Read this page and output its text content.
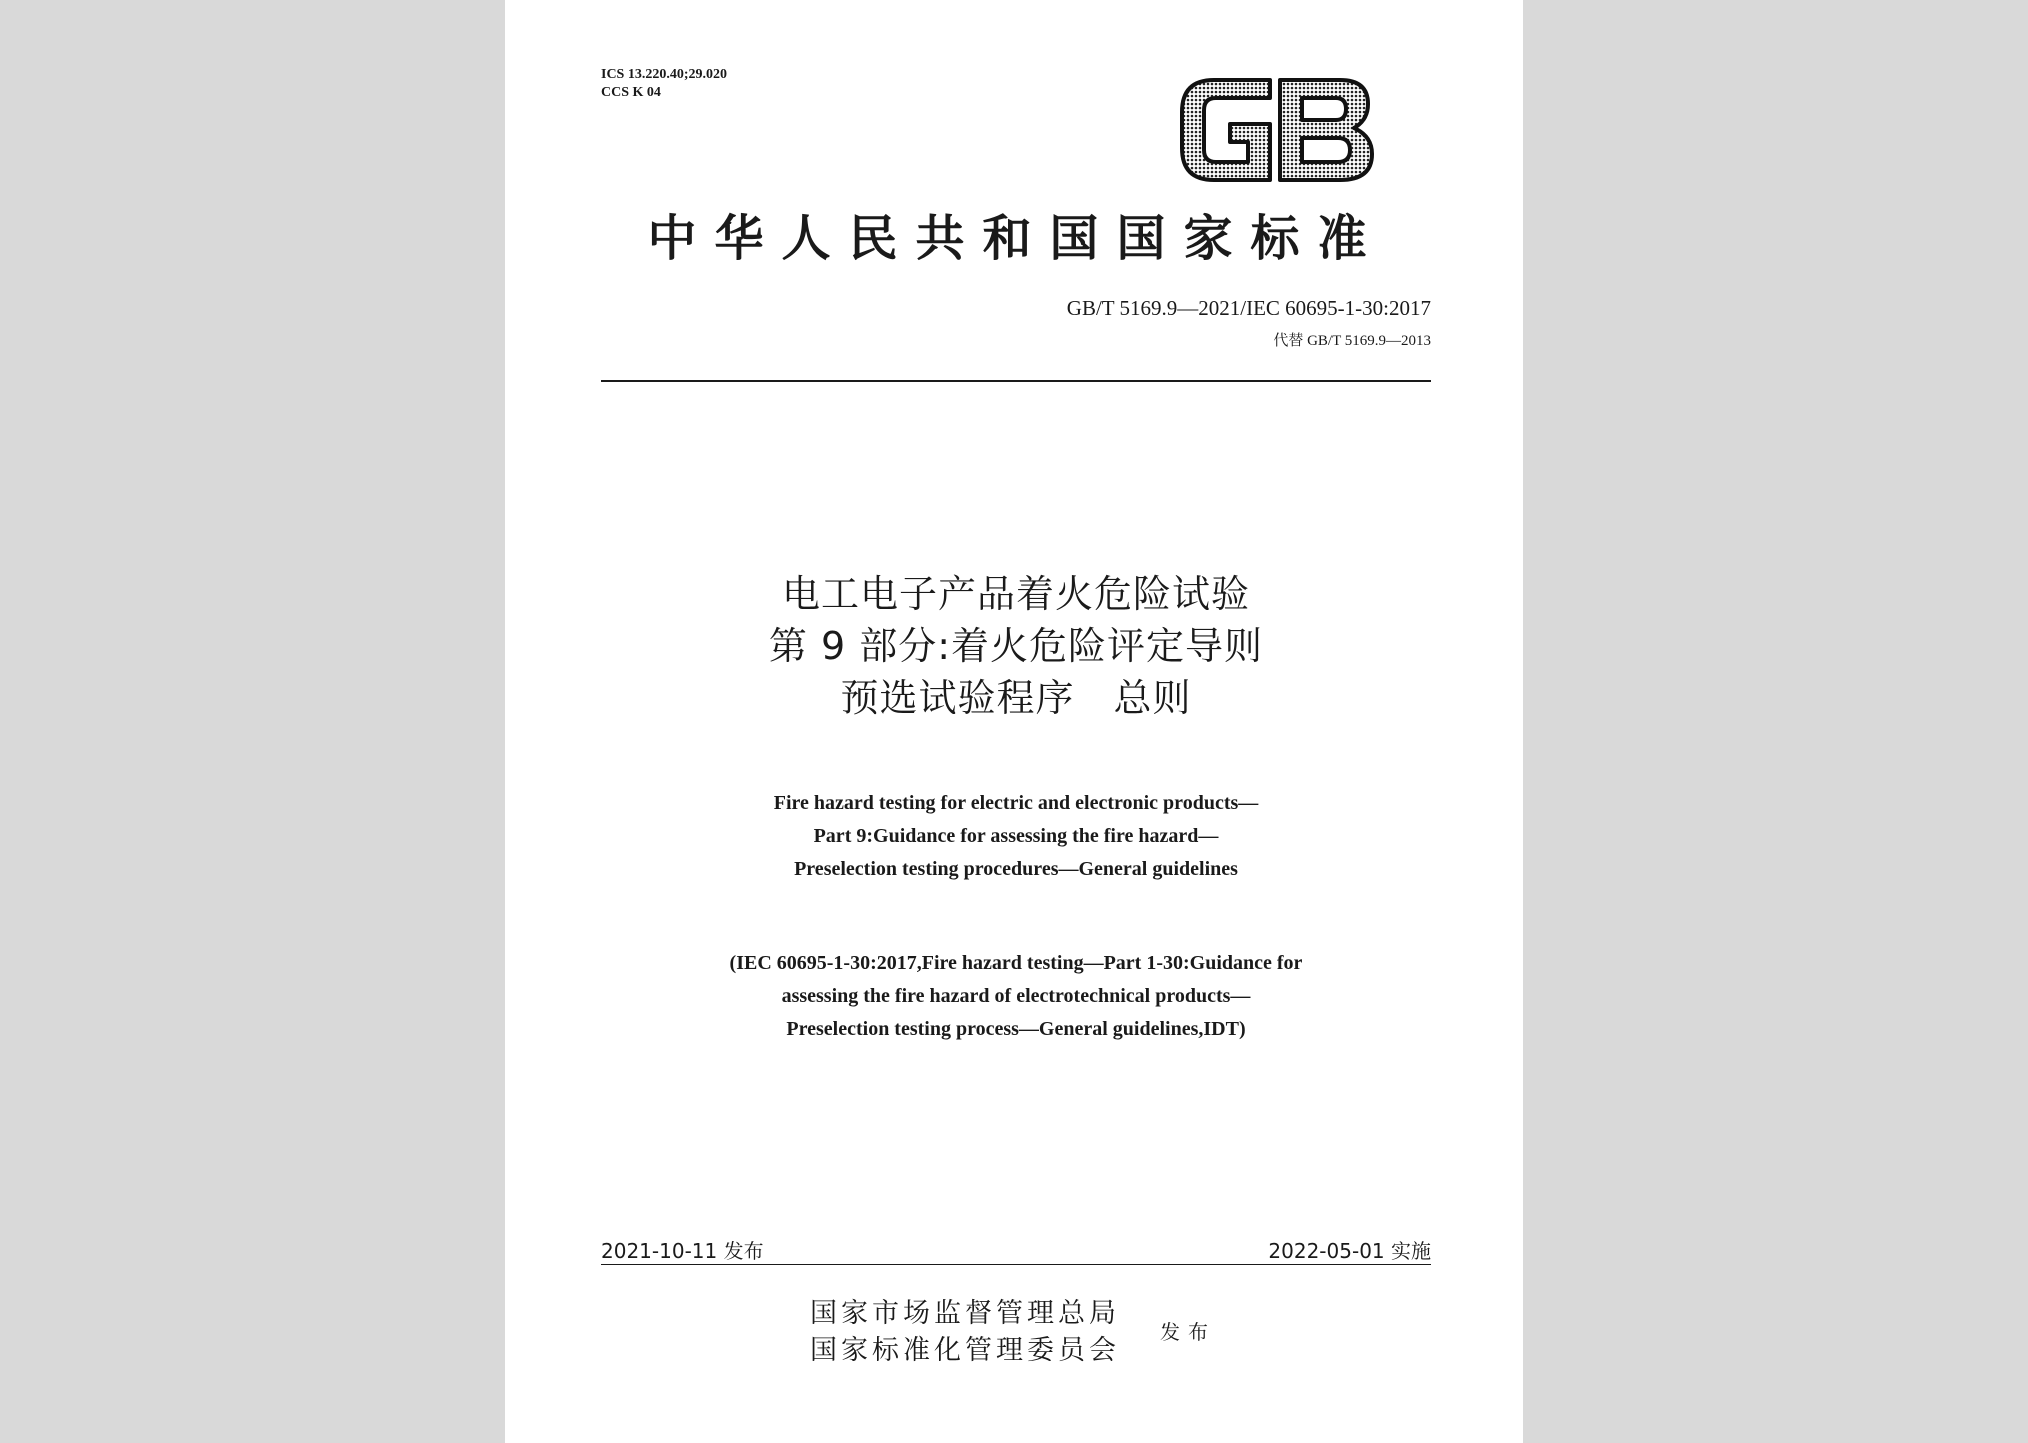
ICS 13.220.40;29.020
CCS K 04
中华人民共和国国家标准
GB/T 5169.9—2021/IEC 60695-1-30:2017
代替 GB/T 5169.9—2013
电工电子产品着火危险试验
第 9 部分:着火危险评定导则
预选试验程序　总则
Fire hazard testing for electric and electronic products—
Part 9:Guidance for assessing the fire hazard—
Preselection testing procedures—General guidelines
(IEC 60695-1-30:2017,Fire hazard testing—Part 1-30:Guidance for
assessing the fire hazard of electrotechnical products—
Preselection testing process—General guidelines,IDT)
2021-10-11 发布	2022-05-01 实施
国家市场监督管理总局
国家标准化管理委员会
发布
